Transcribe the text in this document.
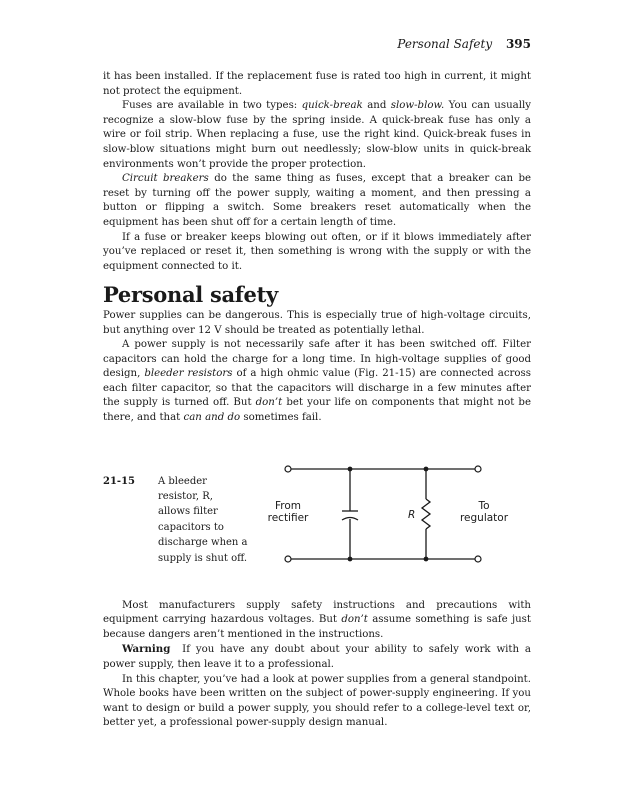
Personal Safety 395

it has been installed. If the replacement fuse is rated too high in current, it might not protect the equipment.

Fuses are available in two types: quick-break and slow-blow. You can usually recognize a slow-blow fuse by the spring inside. A quick-break fuse has only a wire or foil strip. When replacing a fuse, use the right kind. Quick-break fuses in slow-blow situations might burn out needlessly; slow-blow units in quick-break environments won’t provide the proper protection.

Circuit breakers do the same thing as fuses, except that a breaker can be reset by turning off the power supply, waiting a moment, and then pressing a button or flipping a switch. Some breakers reset automatically when the equipment has been shut off for a certain length of time.

If a fuse or breaker keeps blowing out often, or if it blows immediately after you’ve replaced or reset it, then something is wrong with the supply or with the equipment connected to it.

Personal safety

Power supplies can be dangerous. This is especially true of high-voltage circuits, but anything over 12 V should be treated as potentially lethal.

A power supply is not necessarily safe after it has been switched off. Filter capacitors can hold the charge for a long time. In high-voltage supplies of good design, bleeder resistors of a high ohmic value (Fig. 21-15) are connected across each filter capacitor, so that the capacitors will discharge in a few minutes after the supply is turned off. But don’t bet your life on components that might not be there, and that can and do sometimes fail.

21-15 A bleeder resistor, R, allows filter capacitors to discharge when a supply is shut off.
From
rectifier	R
To
regulator

Most manufacturers supply safety instructions and precautions with equipment carrying hazardous voltages. But don’t assume something is safe just because dangers aren’t mentioned in the instructions.

Warning If you have any doubt about your ability to safely work with a power supply, then leave it to a professional.

In this chapter, you’ve had a look at power supplies from a general standpoint. Whole books have been written on the subject of power-supply engineering. If you want to design or build a power supply, you should refer to a college-level text or, better yet, a professional power-supply design manual.
